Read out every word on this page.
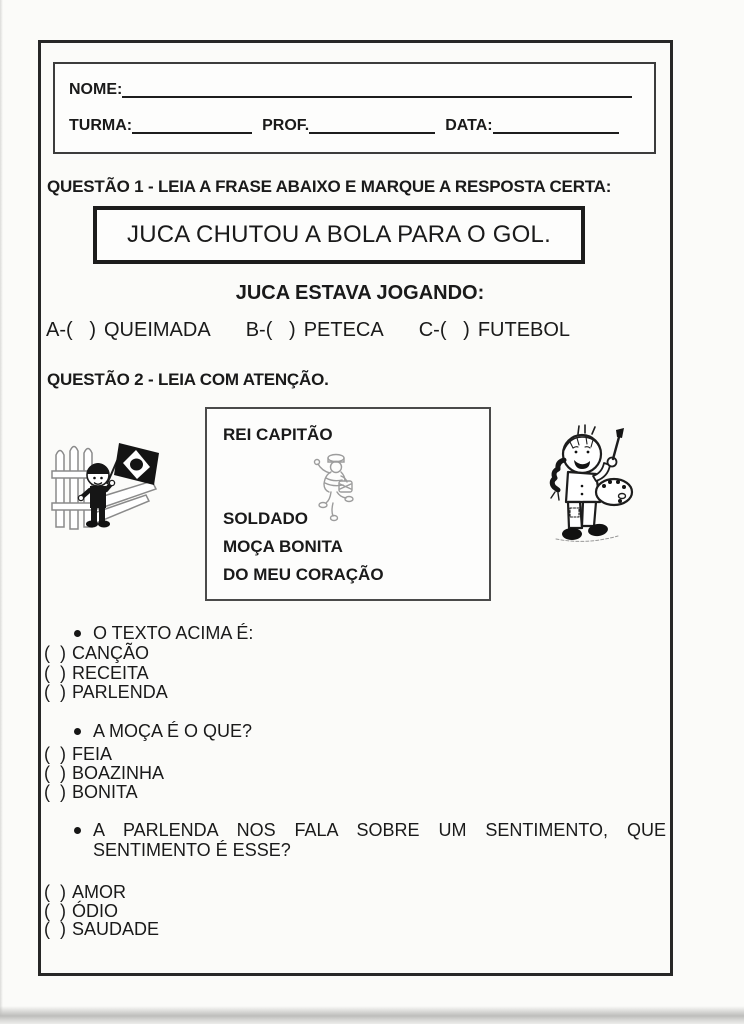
NOME:
TURMA:	PROF.	DATA:
QUESTÃO 1 - LEIA A FRASE ABAIXO E MARQUE A RESPOSTA CERTA:
JUCA CHUTOU A BOLA PARA O GOL.
JUCA ESTAVA JOGANDO:
A-(   ) QUEIMADA B-(   ) PETECA C-(   ) FUTEBOL
QUESTÃO 2 - LEIA COM ATENÇÃO.
REI CAPITÃO
SOLDADO
MOÇA BONITA
DO MEU CORAÇÃO
O TEXTO ACIMA É:
(  ) CANÇÃO
(  ) RECEITA
(  ) PARLENDA
A MOÇA É O QUE?
(  ) FEIA
(  ) BOAZINHA
(  ) BONITA
A PARLENDA NOS FALA SOBRE UM SENTIMENTO, QUE
SENTIMENTO É ESSE?
(  ) AMOR
(  ) ÓDIO
(  ) SAUDADE
